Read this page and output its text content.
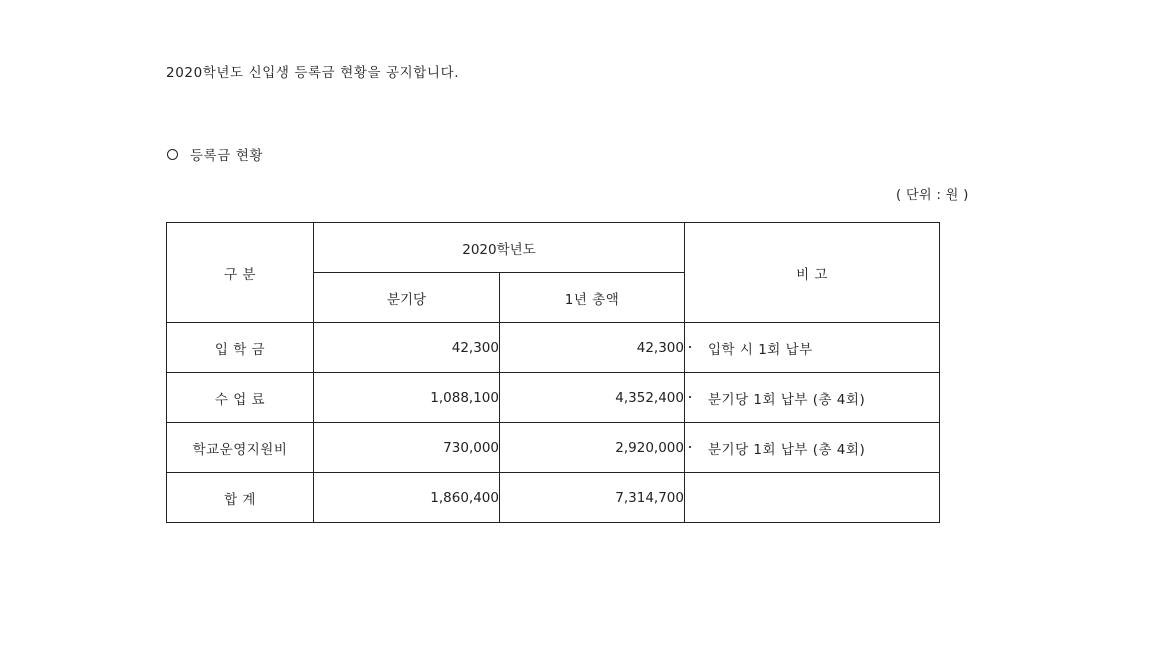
2020학년도 신입생 등록금 현황을 공지합니다.
등록금 현황
( 단위 : 원 )
구 분	2020학년도		비 고
	분기당	1년 총액	
입 학 금	42,300	42,300	입학 시 1회 납부
수 업 료	1,088,100	4,352,400	분기당 1회 납부 (총 4회)
학교운영지원비	730,000	2,920,000	분기당 1회 납부 (총 4회)
합 계	1,860,400	7,314,700	
